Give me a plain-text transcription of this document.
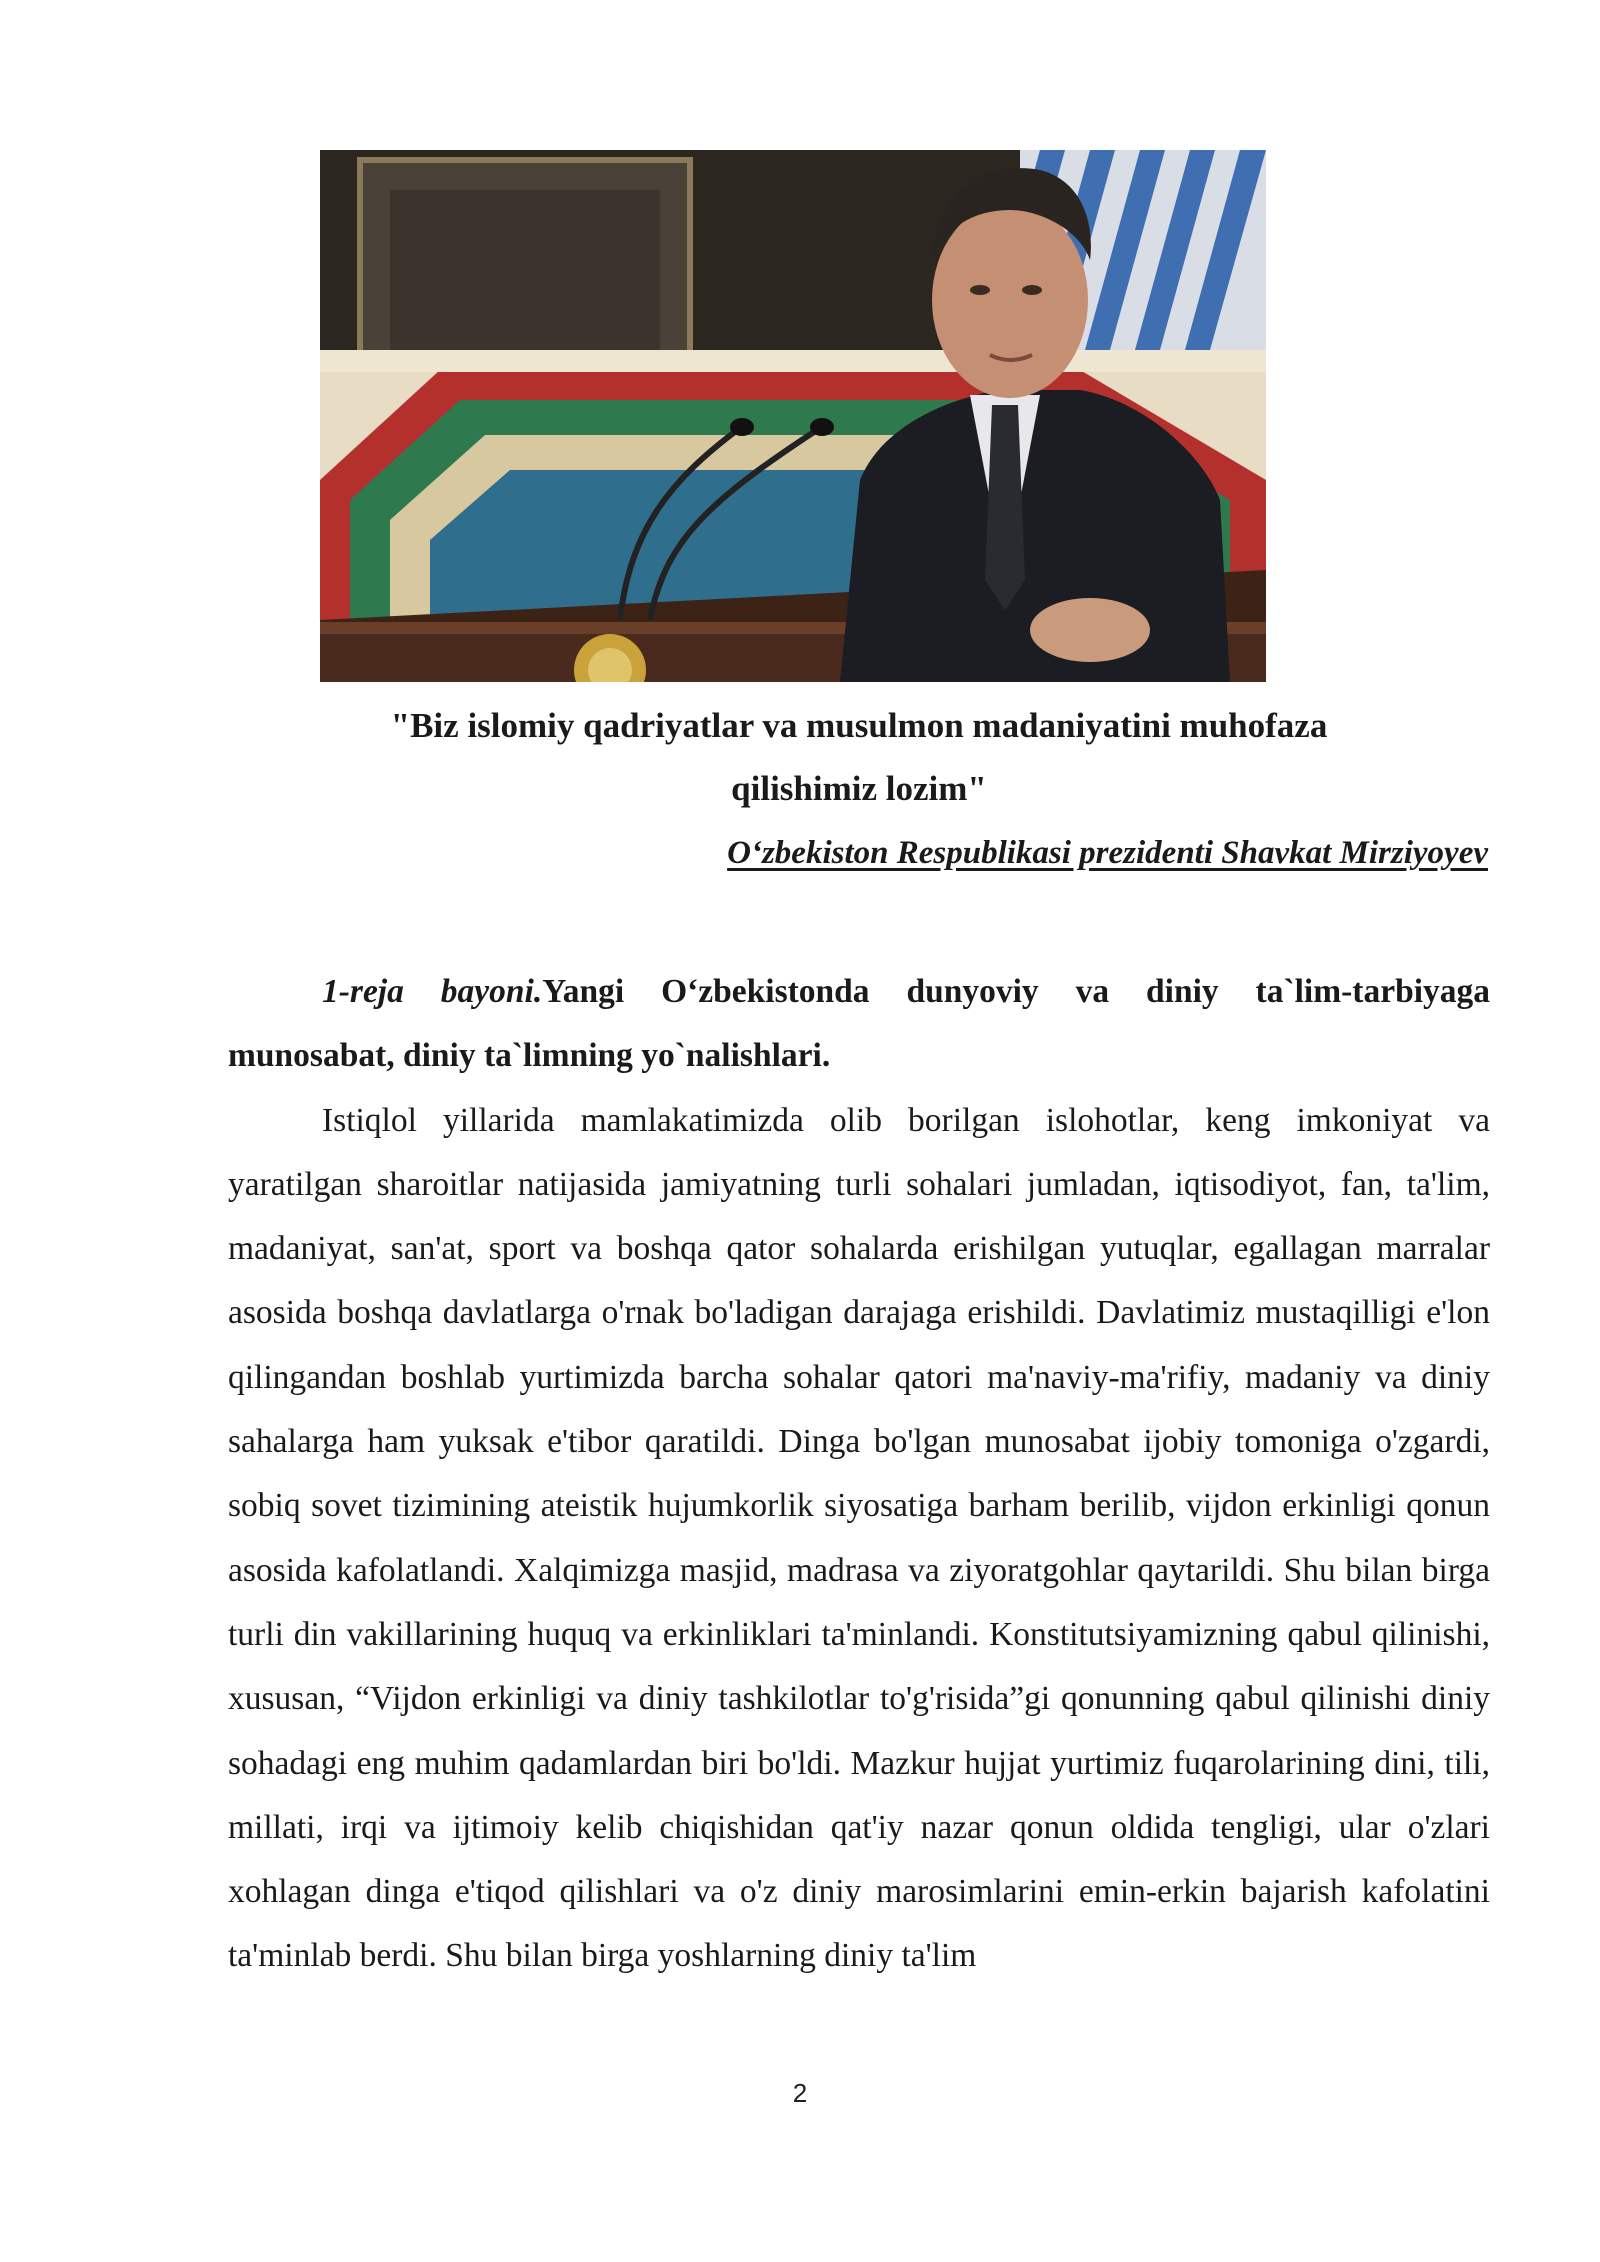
"Biz islomiy qadriyatlar va musulmon madaniyatini muhofaza

qilishimiz lozim"

O‘zbekiston Respublikasi prezidenti Shavkat Mirziyoyev

1-reja bayoni.Yangi O‘zbekistonda dunyoviy va diniy ta`lim-tarbiyaga munosabat, diniy ta`limning yo`nalishlari.

Istiqlol yillarida mamlakatimizda olib borilgan islohotlar, keng imkoniyat va yaratilgan sharoitlar natijasida jamiyatning turli sohalari jumladan, iqtisodiyot, fan, ta'lim, madaniyat, san'at, sport va boshqa qator sohalarda erishilgan yutuqlar, egallagan marralar asosida boshqa davlatlarga o'rnak bo'ladigan darajaga erishildi. Davlatimiz mustaqilligi e'lon qilingandan boshlab yurtimizda barcha sohalar qatori ma'naviy-ma'rifiy, madaniy va diniy sahalarga ham yuksak e'tibor qaratildi. Dinga bo'lgan munosabat ijobiy tomoniga o'zgardi, sobiq sovet tizimining ateistik hujumkorlik siyosatiga barham berilib, vijdon erkinligi qonun asosida kafolatlandi. Xalqimizga masjid, madrasa va ziyoratgohlar qaytarildi. Shu bilan birga turli din vakillarining huquq va erkinliklari ta'minlandi. Konstitutsiyamizning qabul qilinishi, xususan, “Vijdon erkinligi va diniy tashkilotlar to'g'risida”gi qonunning qabul qilinishi diniy sohadagi eng muhim qadamlardan biri bo'ldi. Mazkur hujjat yurtimiz fuqarolarining dini, tili, millati, irqi va ijtimoiy kelib chiqishidan qat'iy nazar qonun oldida tengligi, ular o'zlari xohlagan dinga e'tiqod qilishlari va o'z diniy marosimlarini emin-erkin bajarish kafolatini ta'minlab berdi. Shu bilan birga yoshlarning diniy ta'lim

2
